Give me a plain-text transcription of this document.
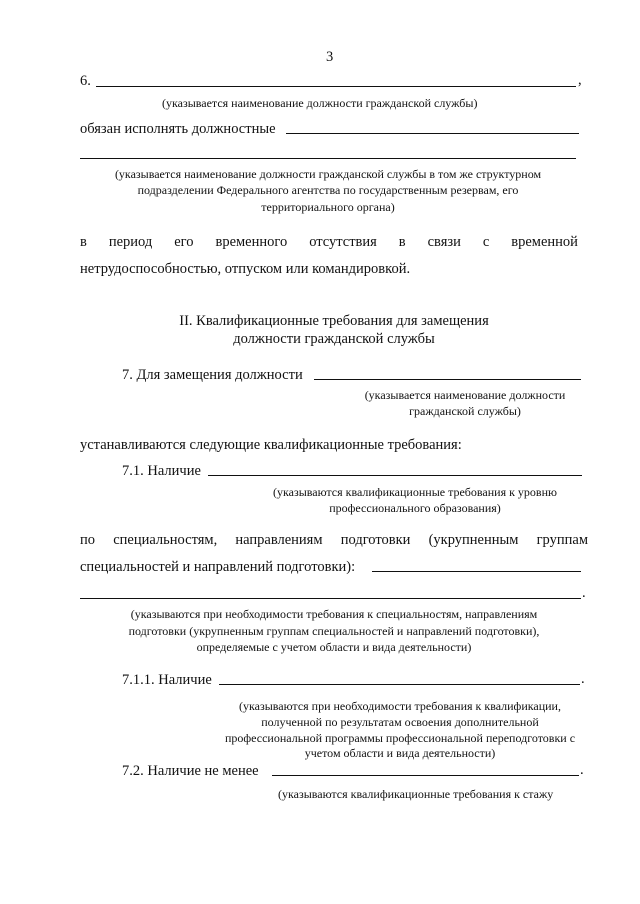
3
6.	,
(указывается наименование должности гражданской службы)
обязан исполнять должностные
(указывается наименование должности гражданской службы в том же структурном
подразделении Федерального агентства по государственным резервам, его
территориального органа)
в период его временного отсутствия в связи с временной
нетрудоспособностью, отпуском или командировкой.
II. Квалификационные требования для замещения
должности гражданской службы
7. Для замещения должности
(указывается наименование должности
гражданской службы)
устанавливаются следующие квалификационные требования:
7.1. Наличие
(указываются квалификационные требования к уровню
профессионального образования)
по специальностям, направлениям подготовки (укрупненным группам
специальностей и направлений подготовки):
.
(указываются при необходимости требования к специальностям, направлениям
подготовки (укрупненным группам специальностей и направлений подготовки),
определяемые с учетом области и вида деятельности)
7.1.1. Наличие	.
(указываются при необходимости требования к квалификации,
полученной по результатам освоения дополнительной
профессиональной программы профессиональной переподготовки с
учетом области и вида деятельности)
7.2. Наличие не менее	.
(указываются квалификационные требования к стажу
